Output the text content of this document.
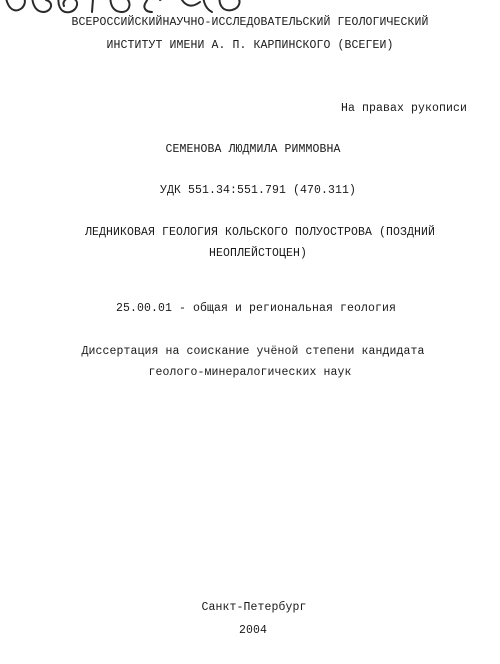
ВСЕРОССИЙСКИЙНАУЧНО-ИССЛЕДОВАТЕЛЬСКИЙ ГЕОЛОГИЧЕСКИЙ
ИНСТИТУТ ИМЕНИ А. П. КАРПИНСКОГО (ВСЕГЕИ)
На правах рукописи
СЕМЕНОВА ЛЮДМИЛА РИММОВНА
УДК 551.34:551.791 (470.311)
ЛЕДНИКОВАЯ ГЕОЛОГИЯ КОЛЬСКОГО ПОЛУОСТРОВА (ПОЗДНИЙ
НЕОПЛЕЙСТОЦЕН)
25.00.01 - общая и региональная геология
Диссертация на соискание учёной степени кандидата
геолого-минералогических наук
Санкт-Петербург
2004
